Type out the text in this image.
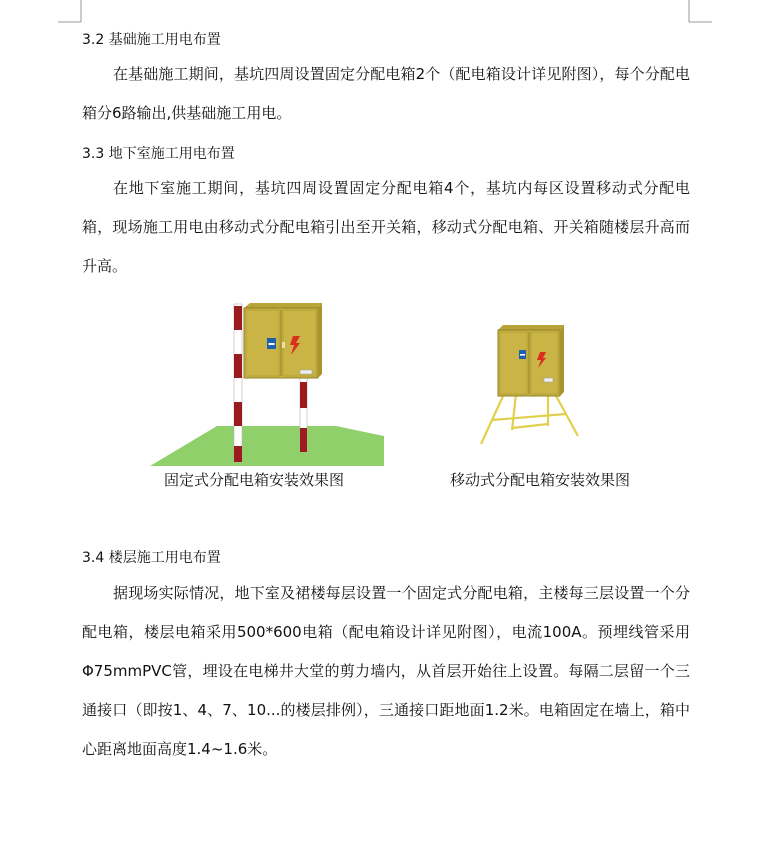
3.2 基础施工用电布置

在基础施工期间，基坑四周设置固定分配电箱2个（配电箱设计详见附图），每个分配电箱分6路输出,供基础施工用电。

3.3 地下室施工用电布置

在地下室施工期间，基坑四周设置固定分配电箱4个，基坑内每区设置移动式分配电箱，现场施工用电由移动式分配电箱引出至开关箱，移动式分配电箱、开关箱随楼层升高而升高。

固定式分配电箱安装效果图	移动式分配电箱安装效果图
3.4 楼层施工用电布置

据现场实际情况，地下室及裙楼每层设置一个固定式分配电箱，主楼每三层设置一个分配电箱，楼层电箱采用500*600电箱（配电箱设计详见附图），电流100A。预埋线管采用Φ75mmPVC管，埋设在电梯井大堂的剪力墙内，从首层开始往上设置。每隔二层留一个三通接口（即按1、4、7、10...的楼层排例），三通接口距地面1.2米。电箱固定在墙上，箱中心距离地面高度1.4~1.6米。
